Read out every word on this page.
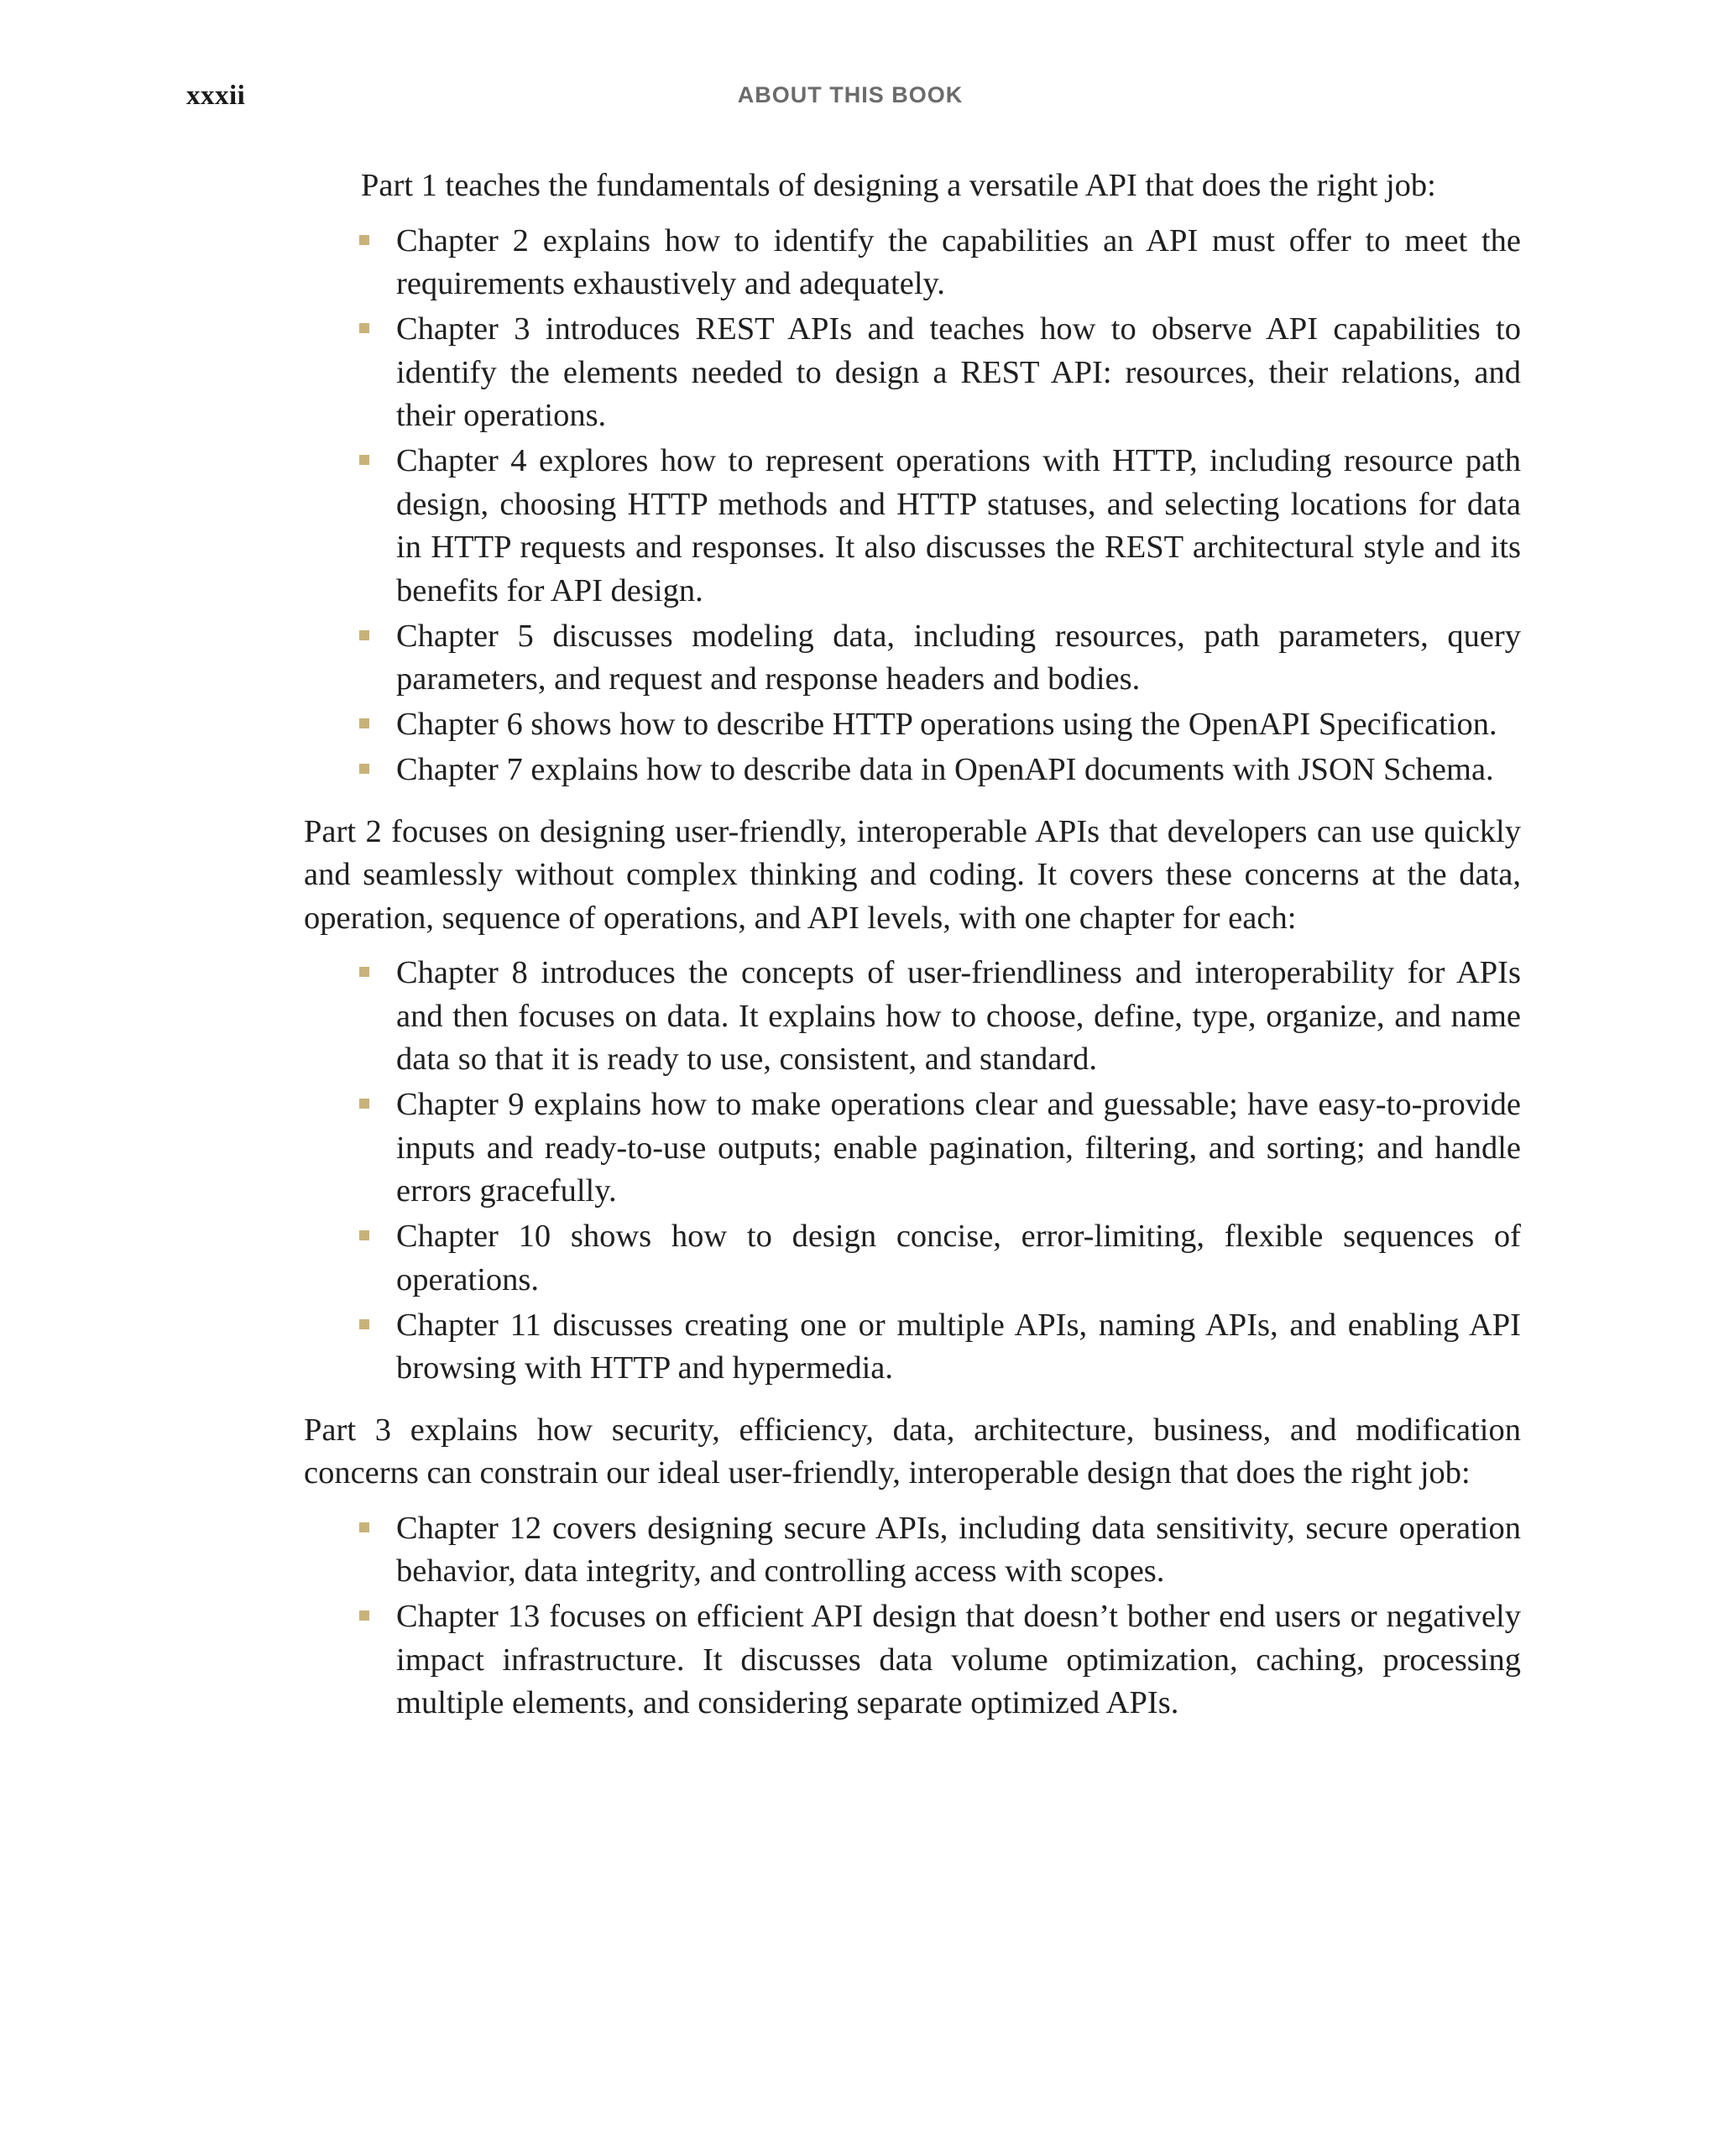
xxxii	ABOUT THIS BOOK

Part 1 teaches the fundamentals of designing a versatile API that does the right job:

Chapter 2 explains how to identify the capabilities an API must offer to meet the requirements exhaustively and adequately.
Chapter 3 introduces REST APIs and teaches how to observe API capabilities to identify the elements needed to design a REST API: resources, their relations, and their operations.
Chapter 4 explores how to represent operations with HTTP, including resource path design, choosing HTTP methods and HTTP statuses, and selecting locations for data in HTTP requests and responses. It also discusses the REST architectural style and its benefits for API design.
Chapter 5 discusses modeling data, including resources, path parameters, query parameters, and request and response headers and bodies.
Chapter 6 shows how to describe HTTP operations using the OpenAPI Specification.
Chapter 7 explains how to describe data in OpenAPI documents with JSON Schema.

Part 2 focuses on designing user-friendly, interoperable APIs that developers can use quickly and seamlessly without complex thinking and coding. It covers these concerns at the data, operation, sequence of operations, and API levels, with one chapter for each:

Chapter 8 introduces the concepts of user-friendliness and interoperability for APIs and then focuses on data. It explains how to choose, define, type, organize, and name data so that it is ready to use, consistent, and standard.
Chapter 9 explains how to make operations clear and guessable; have easy-to-provide inputs and ready-to-use outputs; enable pagination, filtering, and sorting; and handle errors gracefully.
Chapter 10 shows how to design concise, error-limiting, flexible sequences of operations.
Chapter 11 discusses creating one or multiple APIs, naming APIs, and enabling API browsing with HTTP and hypermedia.

Part 3 explains how security, efficiency, data, architecture, business, and modification concerns can constrain our ideal user-friendly, interoperable design that does the right job:

Chapter 12 covers designing secure APIs, including data sensitivity, secure operation behavior, data integrity, and controlling access with scopes.
Chapter 13 focuses on efficient API design that doesn’t bother end users or negatively impact infrastructure. It discusses data volume optimization, caching, processing multiple elements, and considering separate optimized APIs.
